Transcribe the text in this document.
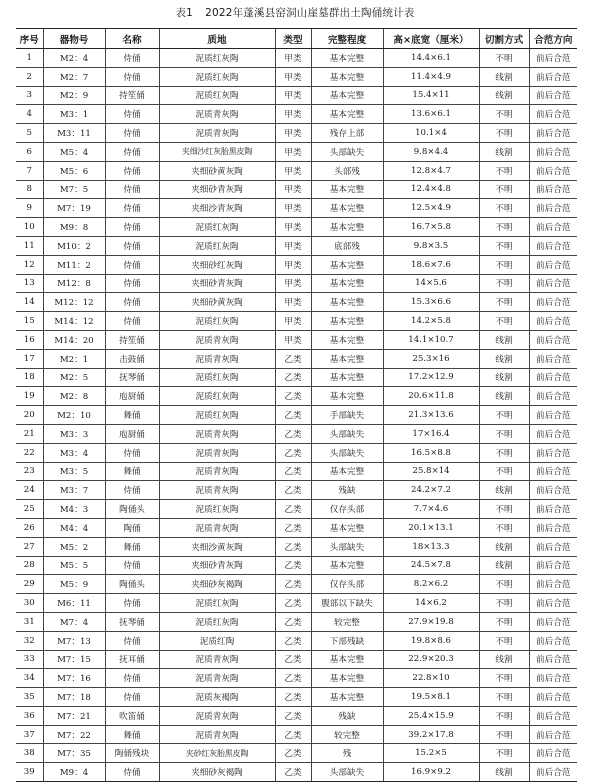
表1 2022年蓬溪县窑洞山崖墓群出土陶俑统计表
序号	器物号	名称	质地	类型	完整程度	高×底宽（厘米）	切割方式	合范方向
1	M2：4	侍俑	泥质红灰陶	甲类	基本完整	14.4×6.1	不明	前后合范
2	M2：7	侍俑	泥质红灰陶	甲类	基本完整	11.4×4.9	线割	前后合范
3	M2：9	持笙俑	泥质红灰陶	甲类	基本完整	15.4×11	线割	前后合范
4	M3：1	侍俑	泥质青灰陶	甲类	基本完整	13.6×6.1	不明	前后合范
5	M3：11	侍俑	泥质青灰陶	甲类	残存上部	10.1×4	不明	前后合范
6	M5：4	侍俑	夹细沙红灰胎黑皮陶	甲类	头部缺失	9.8×4.4	线割	前后合范
7	M5：6	侍俑	夹细砂黄灰陶	甲类	头部残	12.8×4.7	不明	前后合范
8	M7：5	侍俑	夹细砂青灰陶	甲类	基本完整	12.4×4.8	不明	前后合范
9	M7：19	侍俑	夹细沙青灰陶	甲类	基本完整	12.5×4.9	不明	前后合范
10	M9：8	侍俑	泥质红灰陶	甲类	基本完整	16.7×5.8	不明	前后合范
11	M10：2	侍俑	泥质红灰陶	甲类	底部残	9.8×3.5	不明	前后合范
12	M11：2	侍俑	夹细砂红灰陶	甲类	基本完整	18.6×7.6	不明	前后合范
13	M12：8	侍俑	夹细砂青灰陶	甲类	基本完整	14×5.6	不明	前后合范
14	M12：12	侍俑	夹细砂黄灰陶	甲类	基本完整	15.3×6.6	不明	前后合范
15	M14：12	侍俑	泥质红灰陶	甲类	基本完整	14.2×5.8	不明	前后合范
16	M14：20	持笙俑	泥质青灰陶	甲类	基本完整	14.1×10.7	线割	前后合范
17	M2：1	击鼓俑	泥质青灰陶	乙类	基本完整	25.3×16	线割	前后合范
18	M2：5	抚琴俑	泥质红灰陶	乙类	基本完整	17.2×12.9	线割	前后合范
19	M2：8	庖厨俑	泥质红灰陶	乙类	基本完整	20.6×11.8	线割	前后合范
20	M2：10	舞俑	泥质红灰陶	乙类	手部缺失	21.3×13.6	不明	前后合范
21	M3：3	庖厨俑	泥质青灰陶	乙类	头部缺失	17×16.4	不明	前后合范
22	M3：4	侍俑	泥质青灰陶	乙类	头部缺失	16.5×8.8	不明	前后合范
23	M3：5	舞俑	泥质青灰陶	乙类	基本完整	25.8×14	不明	前后合范
24	M3：7	侍俑	泥质青灰陶	乙类	残缺	24.2×7.2	线割	前后合范
25	M4：3	陶俑头	泥质红灰陶	乙类	仅存头部	7.7×4.6	不明	前后合范
26	M4：4	陶俑	泥质青灰陶	乙类	基本完整	20.1×13.1	不明	前后合范
27	M5：2	舞俑	夹细沙黄灰陶	乙类	头部缺失	18×13.3	线割	前后合范
28	M5：5	侍俑	夹细砂青灰陶	乙类	基本完整	24.5×7.8	线割	前后合范
29	M5：9	陶俑头	夹细砂灰褐陶	乙类	仅存头部	8.2×6.2	不明	前后合范
30	M6：11	侍俑	泥质红灰陶	乙类	腹部以下缺失	14×6.2	不明	前后合范
31	M7：4	抚琴俑	泥质红灰陶	乙类	较完整	27.9×19.8	不明	前后合范
32	M7：13	侍俑	泥质红陶	乙类	下部残缺	19.8×8.6	不明	前后合范
33	M7：15	抚耳俑	泥质青灰陶	乙类	基本完整	22.9×20.3	线割	前后合范
34	M7：16	侍俑	泥质青灰陶	乙类	基本完整	22.8×10	不明	前后合范
35	M7：18	侍俑	泥质灰褐陶	乙类	基本完整	19.5×8.1	不明	前后合范
36	M7：21	吹笛俑	泥质青灰陶	乙类	残缺	25.4×15.9	不明	前后合范
37	M7：22	舞俑	泥质青灰陶	乙类	较完整	39.2×17.8	不明	前后合范
38	M7：35	陶俑残块	夹砂红灰胎黑皮陶	乙类	残	15.2×5	不明	前后合范
39	M9：4	侍俑	夹细砂灰褐陶	乙类	头部缺失	16.9×9.2	线割	前后合范
